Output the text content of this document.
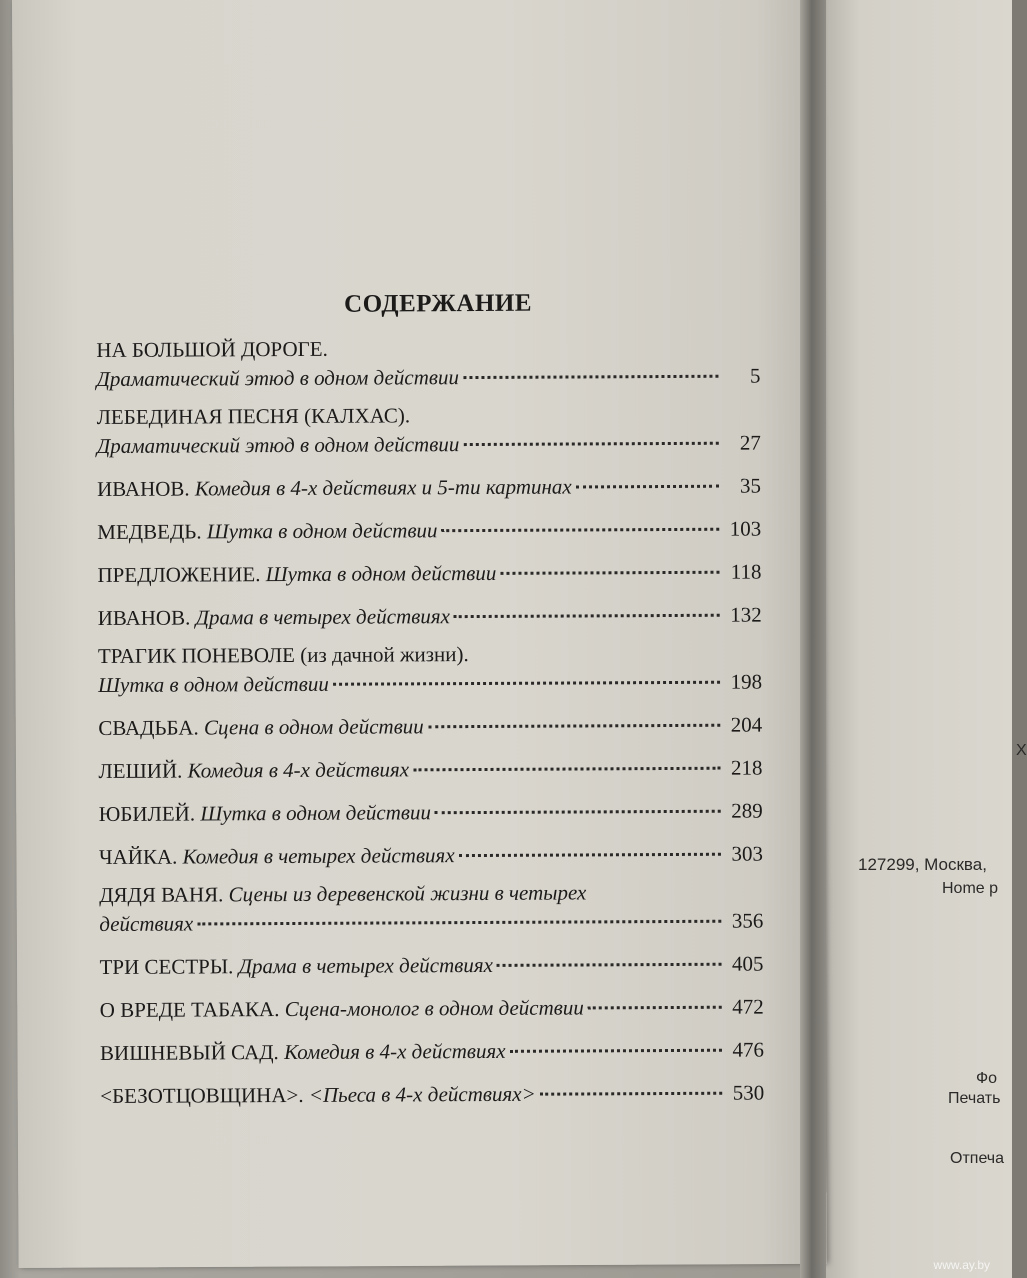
Х
127299, Москва,
Home p
Фо
Печать
Отпеча
СОДЕРЖАНИЕ
НА БОЛЬШОЙ ДОРОГЕ.
Драматический этюд в одном действии	5
ЛЕБЕДИНАЯ ПЕСНЯ (КАЛХАС).
Драматический этюд в одном действии	27
ИВАНОВ.
Комедия в 4-х действиях и 5-ти картинах	35
МЕДВЕДЬ.
Шутка в одном действии	103
ПРЕДЛОЖЕНИЕ.
Шутка в одном действии	118
ИВАНОВ.
Драма в четырех действиях	132
ТРАГИК ПОНЕВОЛЕ (из дачной жизни).
Шутка в одном действии	198
СВАДЬБА.
Сцена в одном действии	204
ЛЕШИЙ.
Комедия в 4-х действиях	218
ЮБИЛЕЙ.
Шутка в одном действии	289
ЧАЙКА.
Комедия в четырех действиях	303
ДЯДЯ ВАНЯ. Сцены из деревенской жизни в четырех
действиях	356
ТРИ СЕСТРЫ.
Драма в четырех действиях	405
О ВРЕДЕ ТАБАКА.
Сцена-монолог в одном действии	472
ВИШНЕВЫЙ САД.
Комедия в 4-х действиях	476
<БЕЗОТЦОВЩИНА>.
<Пьеса в 4-х действиях>	530
www.ay.by
